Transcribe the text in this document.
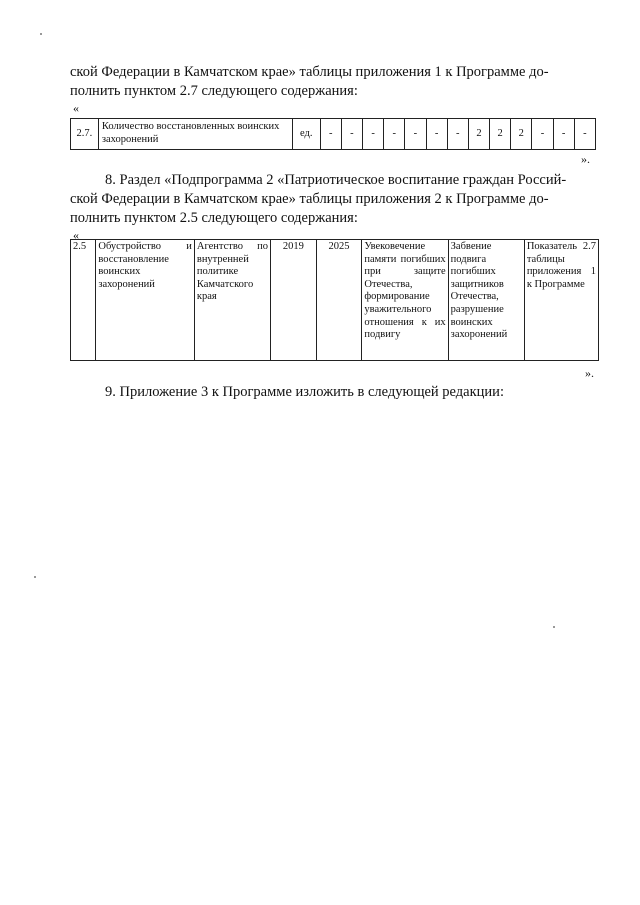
ской Федерации в Камчатском крае» таблицы приложения 1 к Программе до-
полнить пунктом 2.7 следующего содержания:
«
2.7.	Количество восстановленных воинских захоронений	ед.	-	-	-	-	-	-	-	2	2	2	-	-	-
».
8. Раздел «Подпрограмма 2 «Патриотическое воспитание граждан Россий-
ской Федерации в Камчатском крае» таблицы приложения 2 к Программе до-
полнить пунктом 2.5 следующего содержания:
«
2.5	Обустройство и восстановление воинских захоронений	Агентство по внутренней политике Камчатского края	2019	2025	Увековечение памяти погибших при защите Отечества, формирование уважительного отношения к их подвигу	Забвение подвига погибших защитников Отечества, разрушение воинских захоронений	Показатель 2.7 таблицы приложения 1 к Программе
».
9. Приложение 3 к Программе изложить в следующей редакции:
